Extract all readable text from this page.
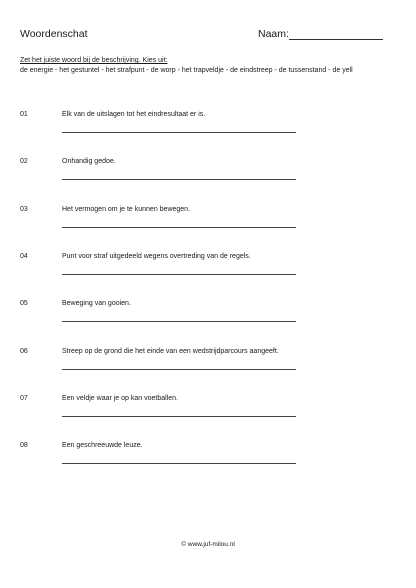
Woordenschat	Naam:
Zet het juiste woord bij de beschrijving. Kies uit:
de energie - het gestuntel - het strafpunt - de worp - het trapveldje - de eindstreep - de tussenstand - de yell
01	Elk van de uitslagen tot het eindresultaat er is.
02	Onhandig gedoe.
03	Het vermogen om je te kunnen bewegen.
04	Punt voor straf uitgedeeld wegens overtreding van de regels.
05	Beweging van gooien.
06	Streep op de grond die het einde van een wedstrijdparcours aangeeft.
07	Een veldje waar je op kan voetballen.
08	Een geschreeuwde leuze.
© www.juf-milou.nl
